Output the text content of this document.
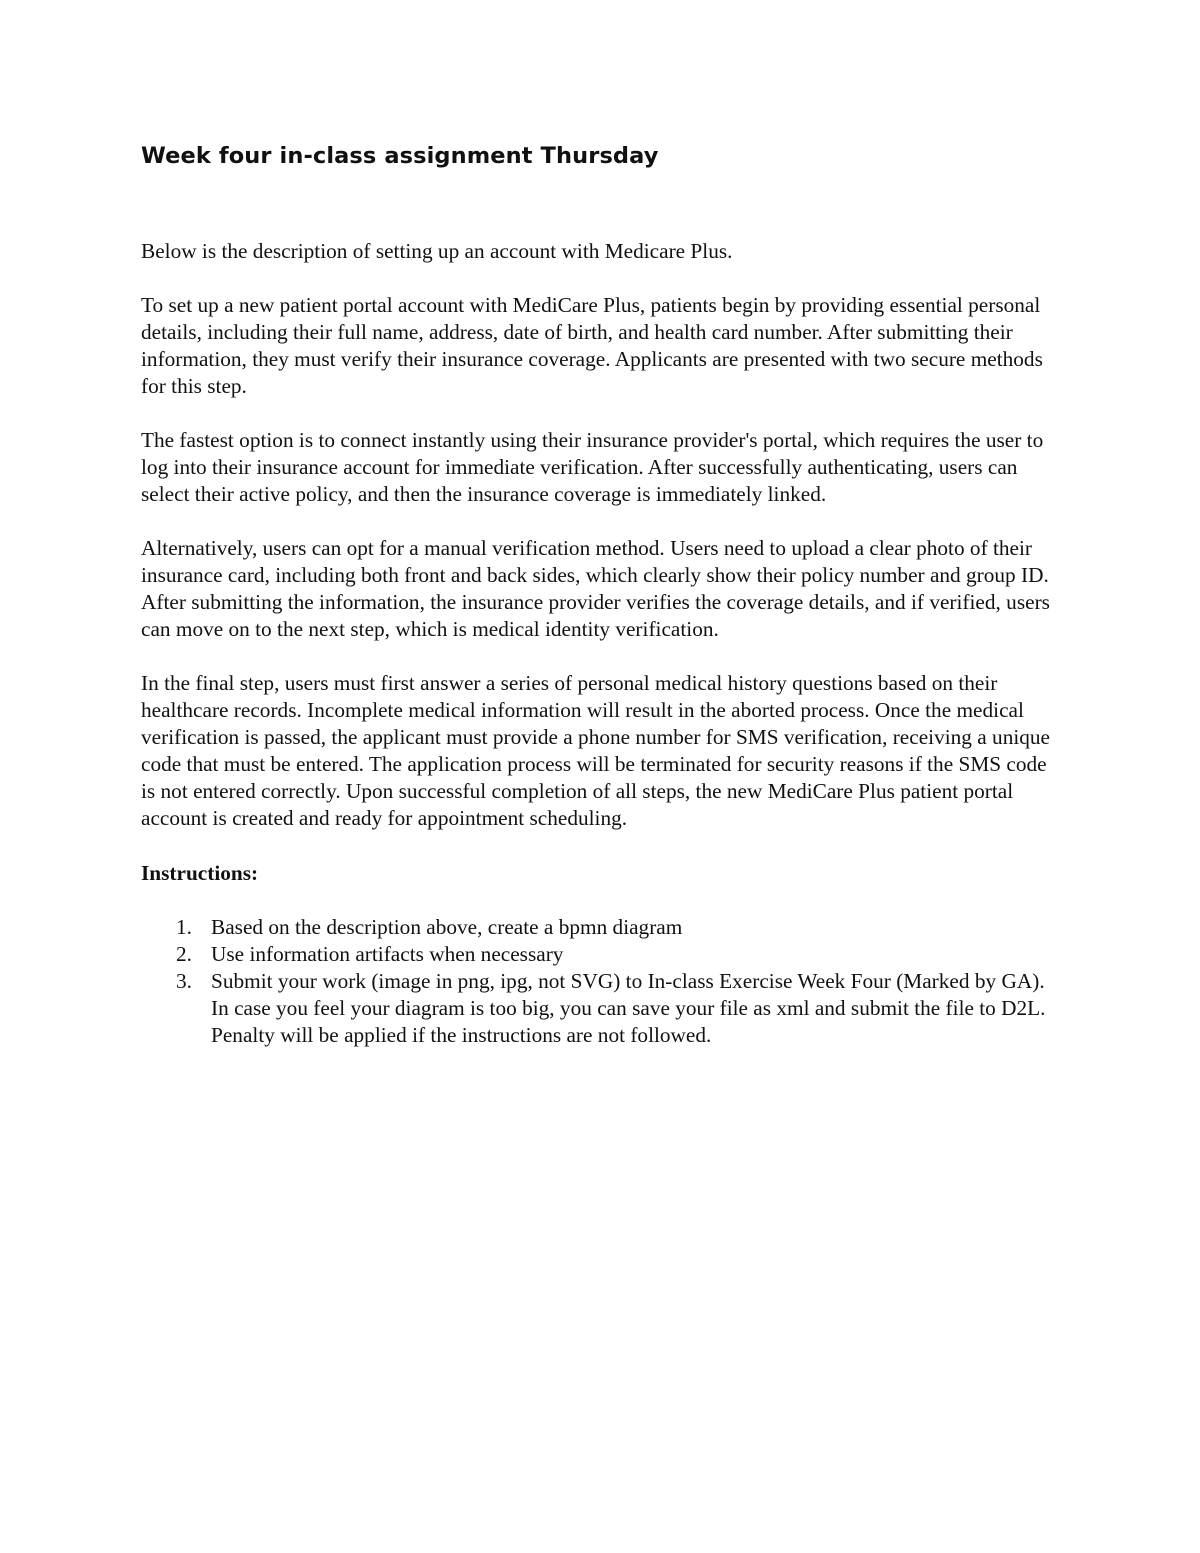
Week four in-class assignment Thursday

Below is the description of setting up an account with Medicare Plus.

To set up a new patient portal account with MediCare Plus, patients begin by providing essential personal details, including their full name, address, date of birth, and health card number. After submitting their information, they must verify their insurance coverage. Applicants are presented with two secure methods for this step.

The fastest option is to connect instantly using their insurance provider's portal, which requires the user to log into their insurance account for immediate verification. After successfully authenticating, users can select their active policy, and then the insurance coverage is immediately linked.

Alternatively, users can opt for a manual verification method. Users need to upload a clear photo of their insurance card, including both front and back sides, which clearly show their policy number and group ID. After submitting the information, the insurance provider verifies the coverage details, and if verified, users can move on to the next step, which is medical identity verification.

In the final step, users must first answer a series of personal medical history questions based on their healthcare records. Incomplete medical information will result in the aborted process. Once the medical verification is passed, the applicant must provide a phone number for SMS verification, receiving a unique code that must be entered. The application process will be terminated for security reasons if the SMS code is not entered correctly. Upon successful completion of all steps, the new MediCare Plus patient portal account is created and ready for appointment scheduling.

Instructions:

1. Based on the description above, create a bpmn diagram
2. Use information artifacts when necessary
3. Submit your work (image in png, ipg, not SVG) to In-class Exercise Week Four (Marked by GA). In case you feel your diagram is too big, you can save your file as xml and submit the file to D2L. Penalty will be applied if the instructions are not followed.
